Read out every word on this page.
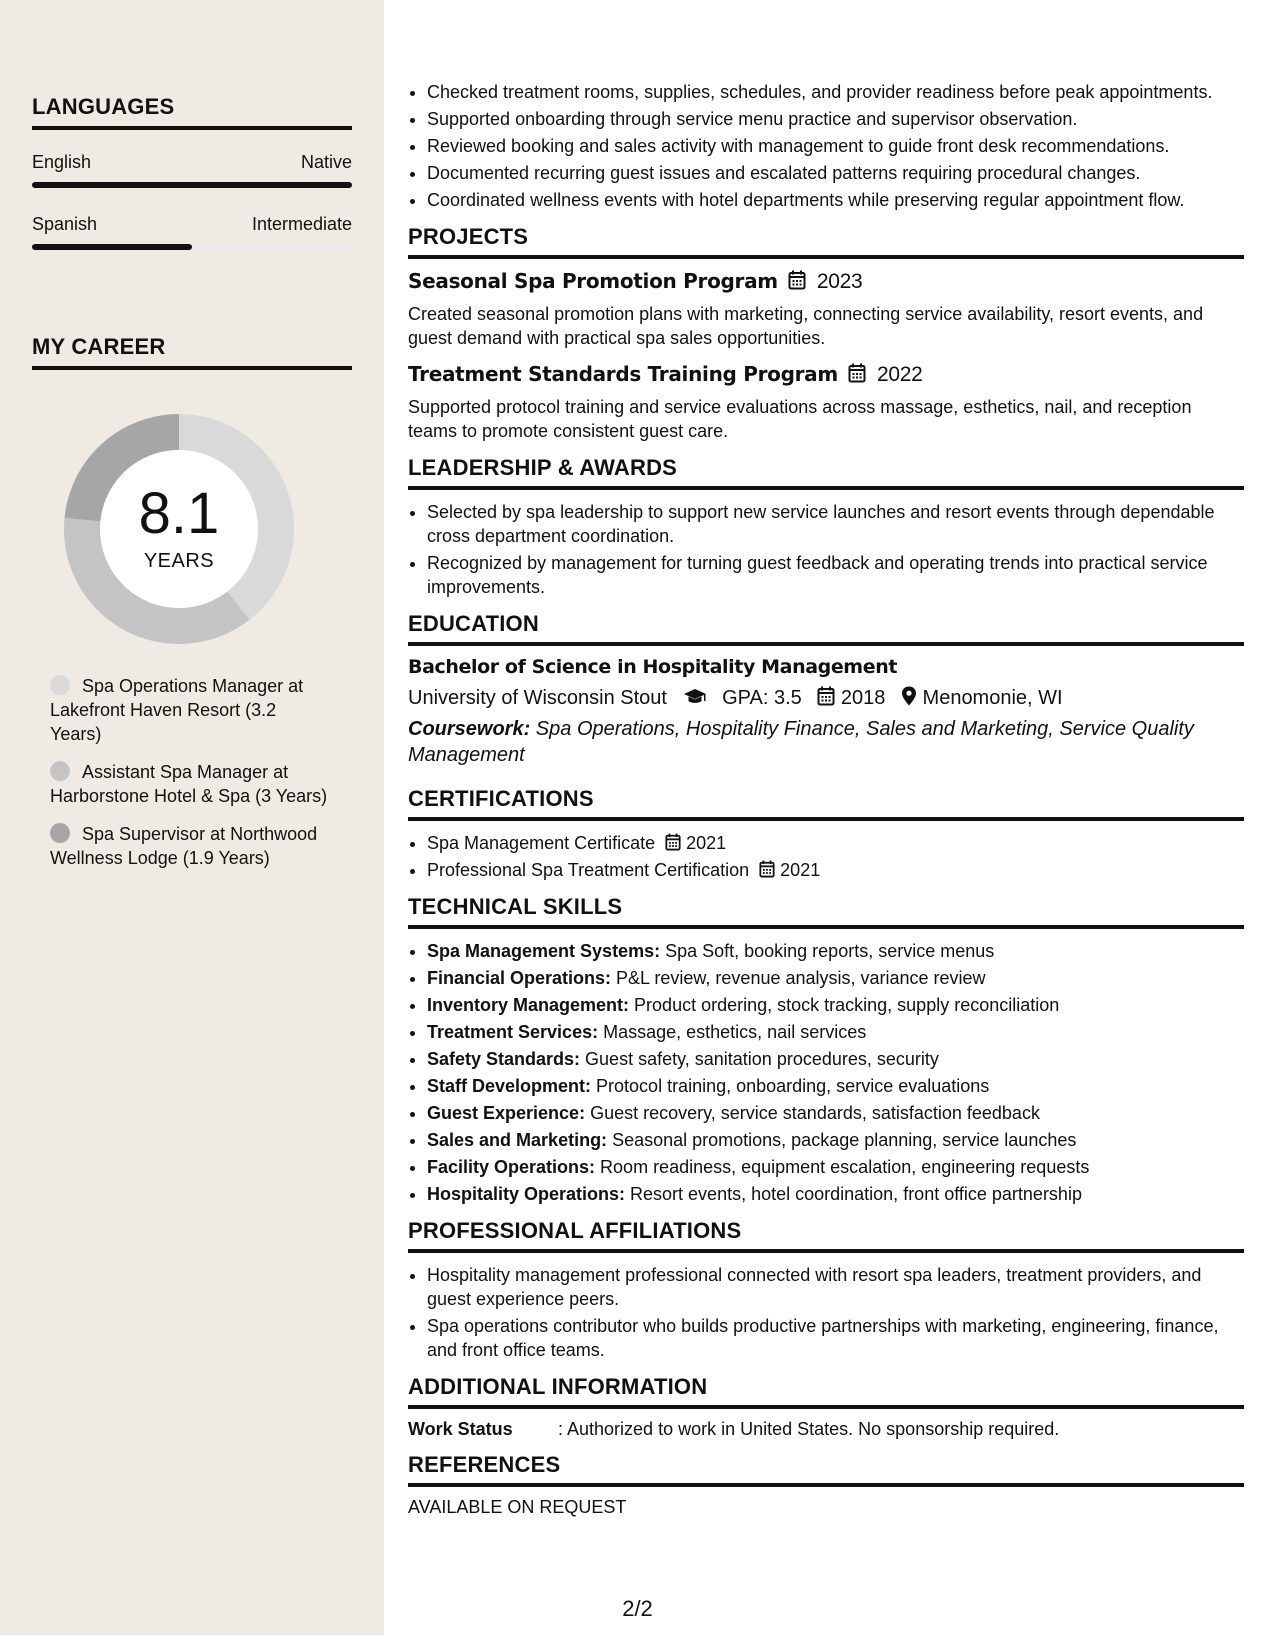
LANGUAGES
English	Native
Spanish	Intermediate
MY CAREER
8.1
YEARS
Spa Operations Manager at Lakefront Haven Resort (3.2 Years)
Assistant Spa Manager at Harborstone Hotel & Spa (3 Years)
Spa Supervisor at Northwood Wellness Lodge (1.9 Years)
• Checked treatment rooms, supplies, schedules, and provider readiness before peak appointments.
• Supported onboarding through service menu practice and supervisor observation.
• Reviewed booking and sales activity with management to guide front desk recommendations.
• Documented recurring guest issues and escalated patterns requiring procedural changes.
• Coordinated wellness events with hotel departments while preserving regular appointment flow.
PROJECTS
Seasonal Spa Promotion Program 2023
Created seasonal promotion plans with marketing, connecting service availability, resort events, and guest demand with practical spa sales opportunities.
Treatment Standards Training Program 2022
Supported protocol training and service evaluations across massage, esthetics, nail, and reception teams to promote consistent guest care.
LEADERSHIP & AWARDS
• Selected by spa leadership to support new service launches and resort events through dependable cross department coordination.
• Recognized by management for turning guest feedback and operating trends into practical service improvements.
EDUCATION
Bachelor of Science in Hospitality Management
University of Wisconsin Stout	GPA: 3.5 2018 Menomonie, WI
Coursework: Spa Operations, Hospitality Finance, Sales and Marketing, Service Quality Management
CERTIFICATIONS
• Spa Management Certificate 2021
• Professional Spa Treatment Certification 2021
TECHNICAL SKILLS
• Spa Management Systems: Spa Soft, booking reports, service menus
• Financial Operations: P&L review, revenue analysis, variance review
• Inventory Management: Product ordering, stock tracking, supply reconciliation
• Treatment Services: Massage, esthetics, nail services
• Safety Standards: Guest safety, sanitation procedures, security
• Staff Development: Protocol training, onboarding, service evaluations
• Guest Experience: Guest recovery, service standards, satisfaction feedback
• Sales and Marketing: Seasonal promotions, package planning, service launches
• Facility Operations: Room readiness, equipment escalation, engineering requests
• Hospitality Operations: Resort events, hotel coordination, front office partnership
PROFESSIONAL AFFILIATIONS
• Hospitality management professional connected with resort spa leaders, treatment providers, and guest experience peers.
• Spa operations contributor who builds productive partnerships with marketing, engineering, finance, and front office teams.
ADDITIONAL INFORMATION
Work Status	: Authorized to work in United States. No sponsorship required.
REFERENCES
AVAILABLE ON REQUEST
2/2
